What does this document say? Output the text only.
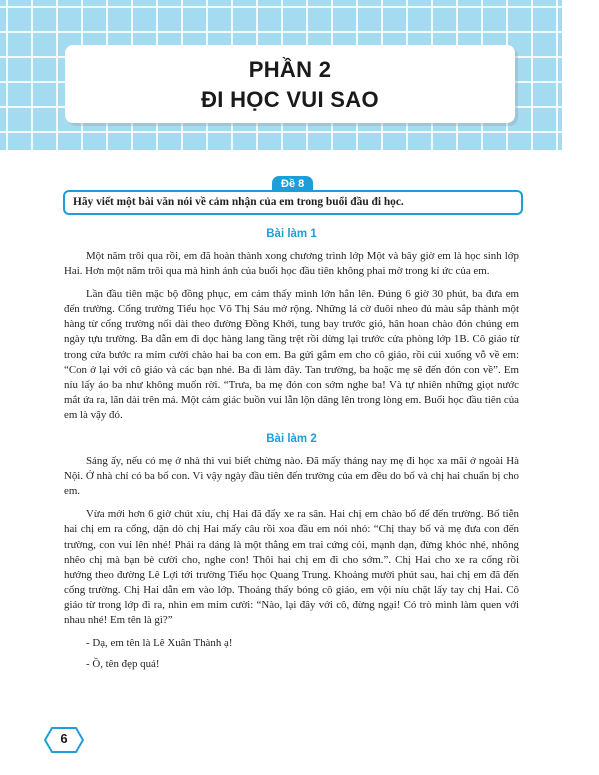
PHẦN 2
ĐI HỌC VUI SAO
Đề 8
Hãy viết một bài văn nói về cảm nhận của em trong buổi đầu đi học.
Bài làm 1

Một năm trôi qua rồi, em đã hoàn thành xong chương trình lớp Một và bây giờ em là học sinh lớp Hai. Hơn một năm trôi qua mà hình ảnh của buổi học đầu tiên không phai mờ trong kí ức của em.

Lần đầu tiên mặc bộ đồng phục, em cảm thấy mình lớn hẳn lên. Đúng 6 giờ 30 phút, ba đưa em đến trường. Cổng trường Tiểu học Võ Thị Sáu mở rộng. Những lá cờ đuôi nheo đủ màu sắp thành một hàng từ cổng trường nối dài theo đường Đồng Khởi, tung bay trước gió, hân hoan chào đón chúng em ngày tựu trường. Ba dẫn em đi dọc hàng lang tầng trệt rồi dừng lại trước cửa phòng lớp 1B. Cô giáo từ trong cửa bước ra mỉm cười chào hai ba con em. Ba gửi gắm em cho cô giáo, rồi cúi xuống vỗ về em: “Con ở lại với cô giáo và các bạn nhé. Ba đi làm đây. Tan trường, ba hoặc mẹ sẽ đến đón con về”. Em níu lấy áo ba như không muốn rời. “Trưa, ba mẹ đón con sớm nghe ba! Và tự nhiên những giọt nước mắt ứa ra, lăn dài trên má. Một cảm giác buồn vui lẫn lộn dâng lên trong lòng em. Buổi học đầu tiên của em là vậy đó.

Bài làm 2

Sáng ấy, nếu có mẹ ở nhà thì vui biết chừng nào. Đã mấy tháng nay mẹ đi học xa mãi ở ngoài Hà Nội. Ở nhà chỉ có ba bố con. Vì vậy ngày đầu tiên đến trường của em đều do bố và chị hai chuẩn bị cho em.

Vừa mới hơn 6 giờ chút xíu, chị Hai đã đẩy xe ra sân. Hai chị em chào bố để đến trường. Bố tiễn hai chị em ra cổng, dặn dò chị Hai mấy câu rồi xoa đầu em nói nhỏ: “Chị thay bố và mẹ đưa con đến trường, con vui lên nhé! Phải ra dáng là một thằng em trai cứng cỏi, mạnh dạn, đừng khóc nhé, nhõng nhẽo chị mà bạn bè cười cho, nghe con! Thôi hai chị em đi cho sớm.”. Chị Hai cho xe ra cổng rồi hướng theo đường Lê Lợi tới trường Tiểu học Quang Trung. Khoảng mười phút sau, hai chị em đã đến cổng trường. Chị Hai dẫn em vào lớp. Thoáng thấy bóng cô giáo, em vội níu chặt lấy tay chị Hai. Cô giáo từ trong lớp đi ra, nhìn em mỉm cười: “Nào, lại đây với cô, đừng ngại! Có trò mình làm quen với nhau nhé! Em tên là gì?”

- Dạ, em tên là Lê Xuân Thành ạ!

- Ồ, tên đẹp quá!

6
